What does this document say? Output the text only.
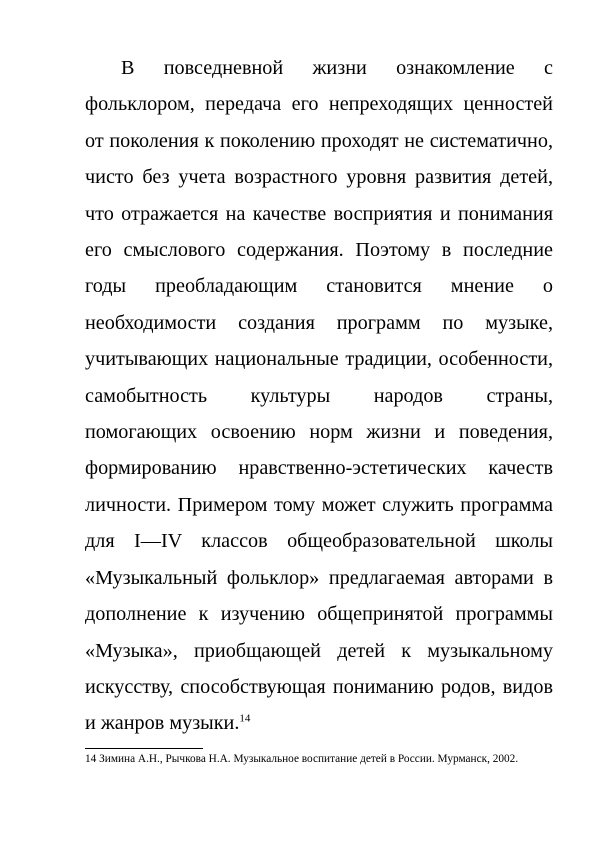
В повседневной жизни ознакомление с фольклором, передача его непреходящих ценностей от поколения к поколению проходят не систематично, чисто без учета возрастного уровня развития детей, что отражается на качестве восприятия и понимания его смыслового содержания. Поэтому в последние годы преобладающим становится мнение о необходимости создания программ по музыке, учитывающих национальные традиции, особенности, самобытность культуры народов страны, помогающих освоению норм жизни и поведения, формированию нравственно-эстетических качеств личности. Примером тому может служить программа для I—IV классов общеобразовательной школы «Музыкальный фольклор» предлагаемая авторами в дополнение к изучению общепринятой программы «Музыка», приобщающей детей к музыкальному искусству, способствующая пониманию родов, видов и жанров музыки.$^{14}$

14 Зимина А.Н., Рычкова Н.А. Музыкальное воспитание детей в России. Мурманск, 2002.
